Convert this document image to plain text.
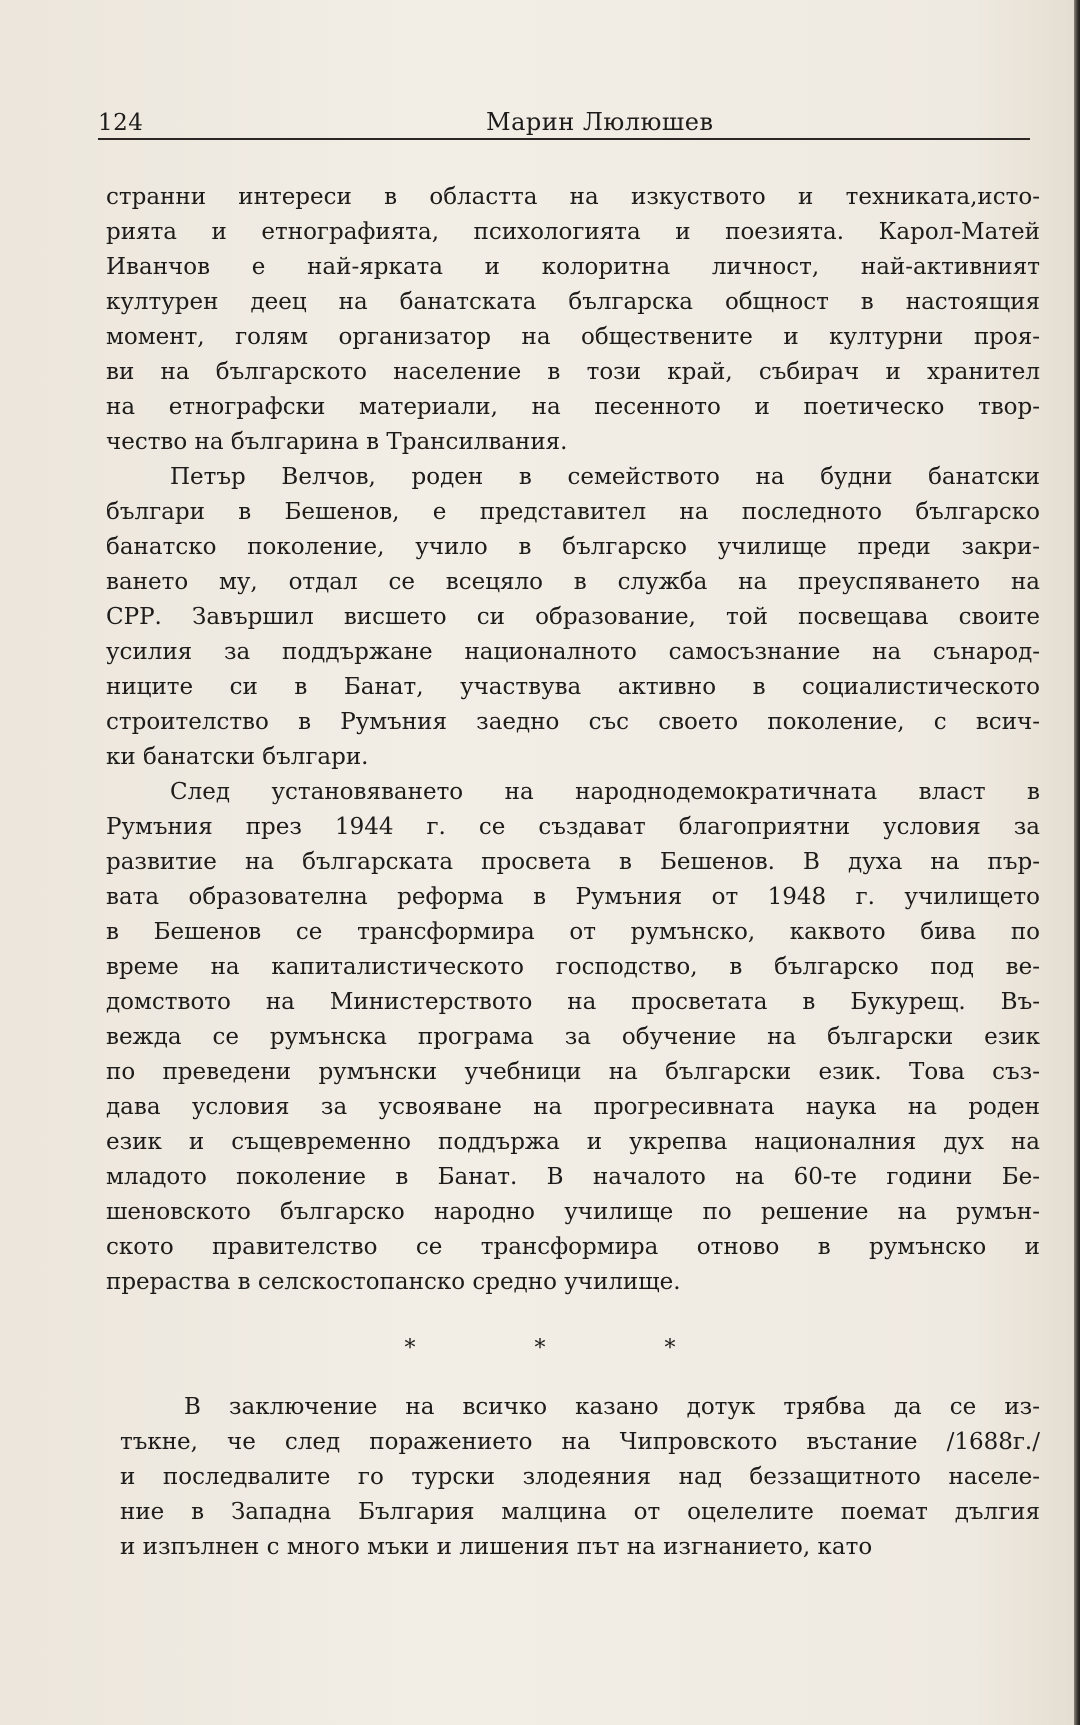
124	Марин Люлюшев
странни интереси в областта на изкуството и техниката,исто-
рията и етнографията, психологията и поезията. Карол-Матей
Иванчов е най-ярката и колоритна личност, най-активният
културен деец на банатската българска общност в настоящия
момент, голям организатор на обществените и културни проя-
ви на българското население в този край, събирач и хранител
на етнографски материали, на песенното и поетическо твор-
чество на българина в Трансилвания.
Петър Велчов, роден в семейството на будни банатски
българи в Бешенов, е представител на последното българско
банатско поколение, учило в българско училище преди закри-
ването му, отдал се всецяло в служба на преуспяването на
СРР. Завършил висшето си образование, той посвещава своите
усилия за поддържане националното самосъзнание на сънарод-
ниците си в Банат, участвува активно в социалистическото
строителство в Румъния заедно със своето поколение, с всич-
ки банатски българи.
След установяването на народнодемократичната власт в
Румъния през 1944 г. се създават благоприятни условия за
развитие на българската просвета в Бешенов. В духа на пър-
вата образователна реформа в Румъния от 1948 г. училището
в Бешенов се трансформира от румънско, каквото бива по
време на капиталистическото господство, в българско под ве-
домството на Министерството на просветата в Букурещ. Въ-
вежда се румънска програма за обучение на български език
по преведени румънски учебници на български език. Това съз-
дава условия за усвояване на прогресивната наука на роден
език и същевременно поддържа и укрепва националния дух на
младото поколение в Банат. В началото на 60-те години Бе-
шеновското българско народно училище по решение на румън-
ското правителство се трансформира отново в румънско и
прераства в селскостопанско средно училище.
* * *
В заключение на всичко казано дотук трябва да се из-
тъкне, че след поражението на Чипровското въстание /1688г./
и последвалите го турски злодеяния над беззащитното населе-
ние в Западна България малцина от оцелелите поемат дългия
и изпълнен с много мъки и лишения път на изгнанието, като
